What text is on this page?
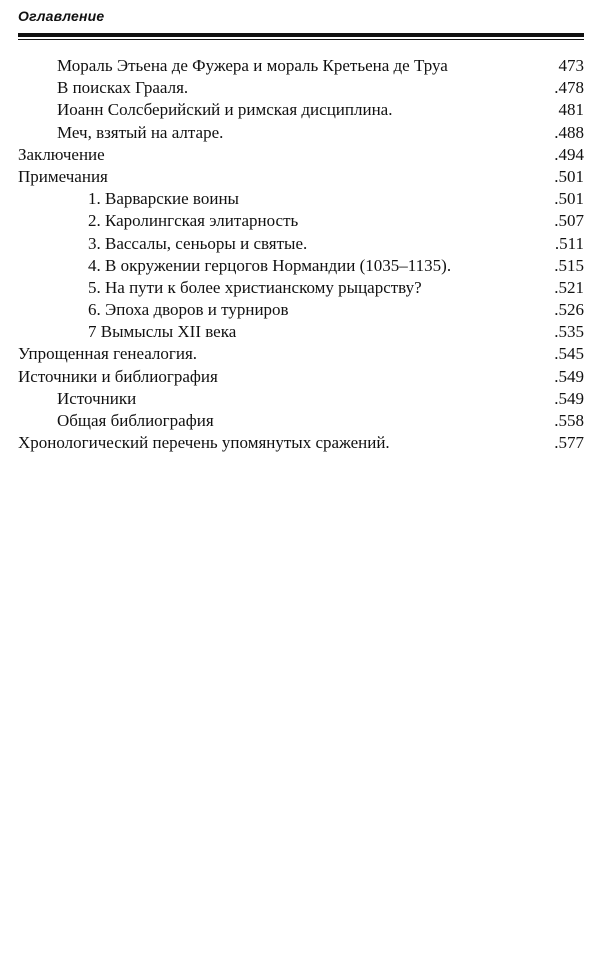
Оглавление
Мораль Этьена де Фужера и мораль Кретьена де Труа	473
В поисках Грааля.	.478
Иоанн Солсберийский и римская дисциплина.	481
Меч, взятый на алтаре.	.488
Заключение	.494
Примечания	.501
1. Варварские воины	.501
2. Каролингская элитарность	.507
3. Вассалы, сеньоры и святые.	.511
4. В окружении герцогов Нормандии (1035–1135).	.515
5. На пути к более христианскому рыцарству?	.521
6. Эпоха дворов и турниров	.526
7 Вымыслы XII века	.535
Упрощенная генеалогия.	.545
Источники и библиография	.549
Источники	.549
Общая библиография	.558
Хронологический перечень упомянутых сражений.	.577
